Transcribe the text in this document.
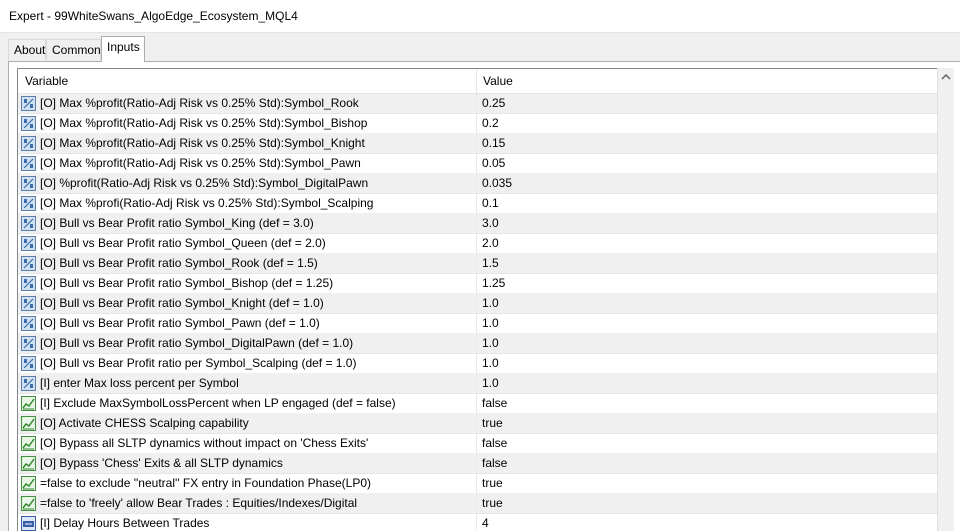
Expert - 99WhiteSwans_AlgoEdge_Ecosystem_MQL4
About Common Inputs
Variable	Value
[O] Max %profit(Ratio-Adj Risk vs 0.25% Std):Symbol_Rook	0.25
[O] Max %profit(Ratio-Adj Risk vs 0.25% Std):Symbol_Bishop	0.2
[O] Max %profit(Ratio-Adj Risk vs 0.25% Std):Symbol_Knight	0.15
[O] Max %profit(Ratio-Adj Risk vs 0.25% Std):Symbol_Pawn	0.05
[O] %profit(Ratio-Adj Risk vs 0.25% Std):Symbol_DigitalPawn	0.035
[O] Max %profi(Ratio-Adj Risk vs 0.25% Std):Symbol_Scalping	0.1
[O] Bull vs Bear Profit ratio Symbol_King (def = 3.0)	3.0
[O] Bull vs Bear Profit ratio Symbol_Queen (def = 2.0)	2.0
[O] Bull vs Bear Profit ratio Symbol_Rook (def = 1.5)	1.5
[O] Bull vs Bear Profit ratio Symbol_Bishop (def = 1.25)	1.25
[O] Bull vs Bear Profit ratio Symbol_Knight (def = 1.0)	1.0
[O] Bull vs Bear Profit ratio Symbol_Pawn (def = 1.0)	1.0
[O] Bull vs Bear Profit ratio Symbol_DigitalPawn (def = 1.0)	1.0
[O] Bull vs Bear Profit ratio per Symbol_Scalping (def = 1.0)	1.0
[I] enter Max loss percent per Symbol	1.0
[I] Exclude MaxSymbolLossPercent when LP engaged (def = false)	false
[O] Activate CHESS Scalping capability	true
[O] Bypass all SLTP dynamics without impact on 'Chess Exits'	false
[O] Bypass 'Chess' Exits & all SLTP dynamics	false
=false to exclude ''neutral'' FX entry in Foundation Phase(LP0)	true
=false to 'freely' allow Bear Trades : Equities/Indexes/Digital	true
[I] Delay Hours Between Trades	4
